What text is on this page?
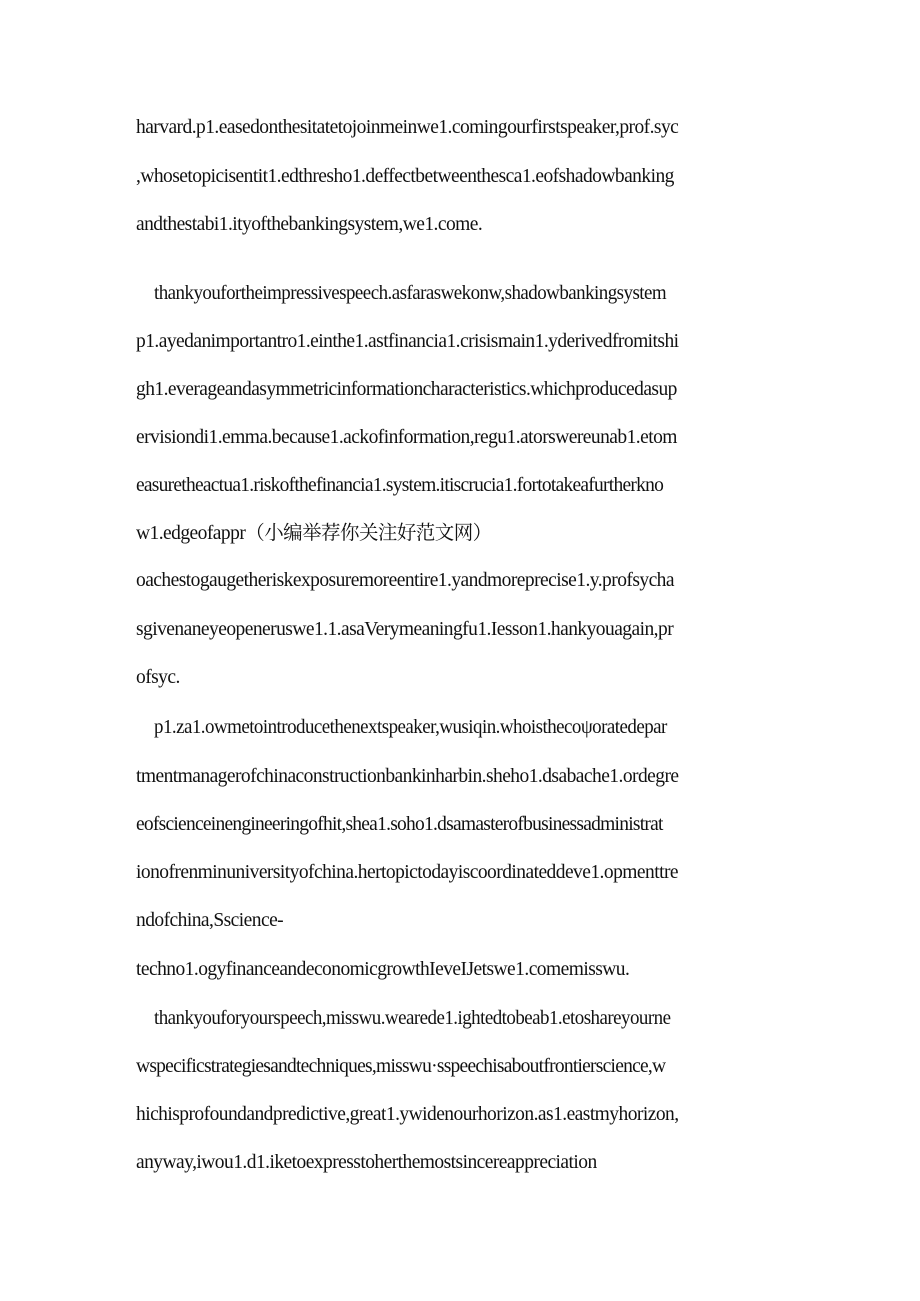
harvard.p1.easedonthesitatetojoinmeinwe1.comingourfirstspeaker,prof.syc
,whosetopicisentit1.edthresho1.deffectbetweenthesca1.eofshadowbanking
andthestabi1.ityofthebankingsystem,we1.come.
thankyoufortheimpressivespeech.asfaraswekonw,shadowbankingsystem
p1.ayedanimportantro1.einthe1.astfinancia1.crisismain1.yderivedfromitshi
gh1.everageandasymmetricinformationcharacteristics.whichproducedasup
ervisiondi1.emma.because1.ackofinformation,regu1.atorswereunab1.etom
easuretheactua1.riskofthefinancia1.system.itiscrucia1.fortotakeafurtherkno
w1.edgeofappr（小编举荐你关注好范文网）
oachestogaugetheriskexposuremoreentire1.yandmoreprecise1.y.profsycha
sgivenaneyeopeneruswe1.1.asaVerymeaningfu1.Iesson1.hankyouagain,pr
ofsyc.
p1.za1.owmetointroducethenextspeaker,wusiqin.whoisthecoψoratedepar
tmentmanagerofchinaconstructionbankinharbin.sheho1.dsabache1.ordegre
eofscienceinengineeringofhit,shea1.soho1.dsamasterofbusinessadministrat
ionofrenminuniversityofchina.hertopictodayiscoordinateddeve1.opmenttre
ndofchina,Sscience-
techno1.ogyfinanceandeconomicgrowthIeveIJetswe1.comemisswu.
thankyouforyourspeech,misswu.wearede1.ightedtobeab1.etoshareyourne
wspecificstrategiesandtechniques,misswu·sspeechisaboutfrontierscience,w
hichisprofoundandpredictive,great1.ywidenourhorizon.as1.eastmyhorizon,
anyway,iwou1.d1.iketoexpresstoherthemostsincereappreciation
